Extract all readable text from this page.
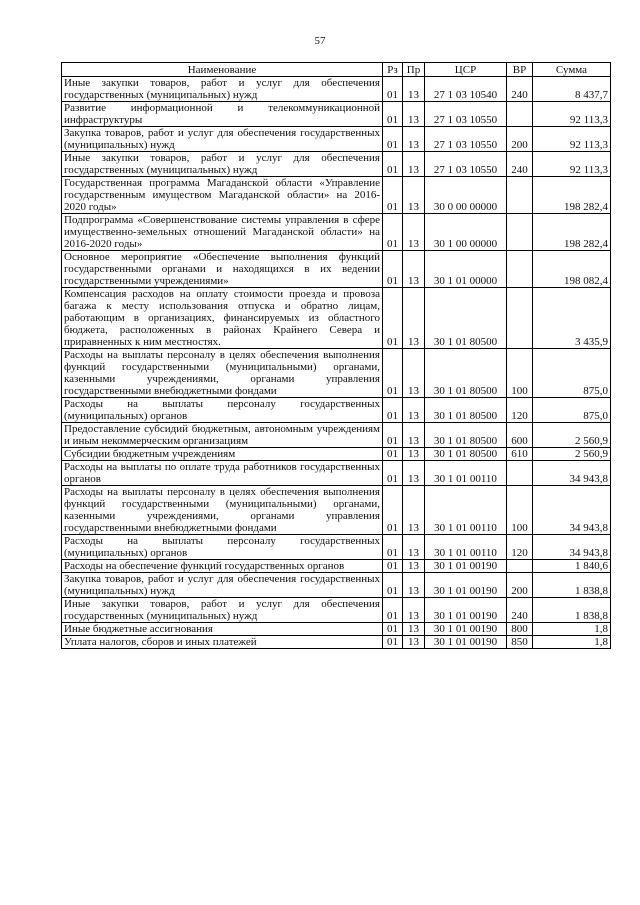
57
Наименование	Рз	Пр	ЦСР	ВР	Сумма
Иные закупки товаров, работ и услуг для обеспечения государственных (муниципальных) нужд	01	13	27 1 03 10540	240	8 437,7
Развитие информационной и телекоммуникационной инфраструктуры	01	13	27 1 03 10550		92 113,3
Закупка товаров, работ и услуг для обеспечения государственных (муниципальных) нужд	01	13	27 1 03 10550	200	92 113,3
Иные закупки товаров, работ и услуг для обеспечения государственных (муниципальных) нужд	01	13	27 1 03 10550	240	92 113,3
Государственная программа Магаданской области «Управление государственным имуществом Магаданской области» на 2016-2020 годы»	01	13	30 0 00 00000		198 282,4
Подпрограмма «Совершенствование системы управления в сфере имущественно-земельных отношений Магаданской области» на 2016-2020 годы»	01	13	30 1 00 00000		198 282,4
Основное мероприятие «Обеспечение выполнения функций государственными органами и находящихся в их ведении государственными учреждениями»	01	13	30 1 01 00000		198 082,4
Компенсация расходов на оплату стоимости проезда и провоза багажа к месту использования отпуска и обратно лицам, работающим в организациях, финансируемых из областного бюджета, расположенных в районах Крайнего Севера и приравненных к ним местностях.	01	13	30 1 01 80500		3 435,9
Расходы на выплаты персоналу в целях обеспечения выполнения функций государственными (муниципальными) органами, казенными учреждениями, органами управления государственными внебюджетными фондами	01	13	30 1 01 80500	100	875,0
Расходы на выплаты персоналу государственных (муниципальных) органов	01	13	30 1 01 80500	120	875,0
Предоставление субсидий бюджетным, автономным учреждениям и иным некоммерческим организациям	01	13	30 1 01 80500	600	2 560,9
Субсидии бюджетным учреждениям	01	13	30 1 01 80500	610	2 560,9
Расходы на выплаты по оплате труда работников государственных органов	01	13	30 1 01 00110		34 943,8
Расходы на выплаты персоналу в целях обеспечения выполнения функций государственными (муниципальными) органами, казенными учреждениями, органами управления государственными внебюджетными фондами	01	13	30 1 01 00110	100	34 943,8
Расходы на выплаты персоналу государственных (муниципальных) органов	01	13	30 1 01 00110	120	34 943,8
Расходы на обеспечение функций государственных органов	01	13	30 1 01 00190		1 840,6
Закупка товаров, работ и услуг для обеспечения государственных (муниципальных) нужд	01	13	30 1 01 00190	200	1 838,8
Иные закупки товаров, работ и услуг для обеспечения государственных (муниципальных) нужд	01	13	30 1 01 00190	240	1 838,8
Иные бюджетные ассигнования	01	13	30 1 01 00190	800	1,8
Уплата налогов, сборов и иных платежей	01	13	30 1 01 00190	850	1,8
